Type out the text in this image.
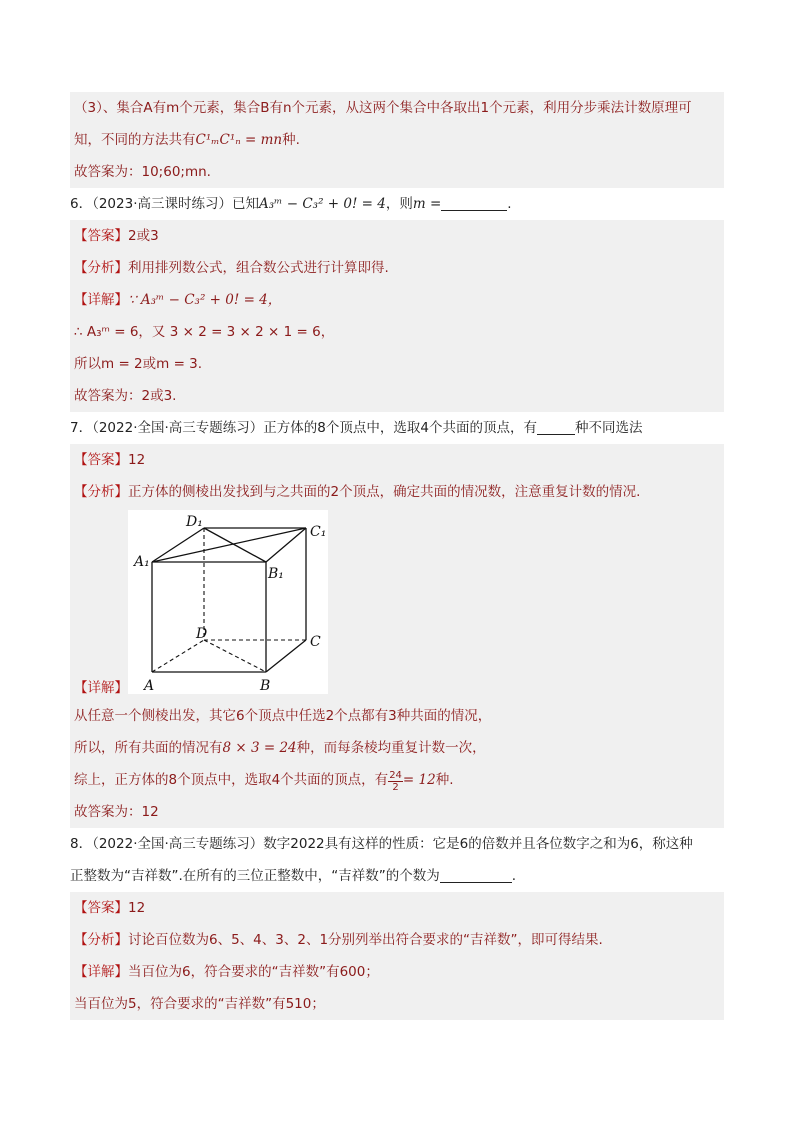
（3）、集合A有m个元素，集合B有n个元素，从这两个集合中各取出1个元素，利用分步乘法计数原理可
知，不同的方法共有C¹ₘC¹ₙ = mn种.
故答案为：10;60;mn.
6．（2023·高三课时练习）已知A₃ᵐ − C₃² + 0! = 4，则m =	.
【答案】2或3
【分析】利用排列数公式，组合数公式进行计算即得.
【详解】∵ A₃ᵐ − C₃² + 0! = 4，
∴ A₃ᵐ = 6，又 3 × 2 = 3 × 2 × 1 = 6，
所以m = 2或m = 3.
故答案为：2或3.
7．（2022·全国·高三专题练习）正方体的8个顶点中，选取4个共面的顶点，有	种不同选法
【答案】12
【分析】正方体的侧棱出发找到与之共面的2个顶点，确定共面的情况数，注意重复计数的情况.
A₁
D₁
C₁
B₁
D	C
A	B
【详解】
从任意一个侧棱出发，其它6个顶点中任选2个点都有3种共面的情况，
所以，所有共面的情况有8 × 3 = 24种，而每条棱均重复计数一次，
综上，正方体的8个顶点中，选取4个共面的顶点，有 $\frac{24}{2} = 12$种.
故答案为：12
8．（2022·全国·高三专题练习）数字2022具有这样的性质：它是6的倍数并且各位数字之和为6，称这种
正整数为“吉祥数”.在所有的三位正整数中，“吉祥数”的个数为	.
【答案】12
【分析】讨论百位数为6、5、4、3、2、1分别列举出符合要求的“吉祥数”，即可得结果.
【详解】当百位为6，符合要求的“吉祥数”有600；
当百位为5，符合要求的“吉祥数”有510；
